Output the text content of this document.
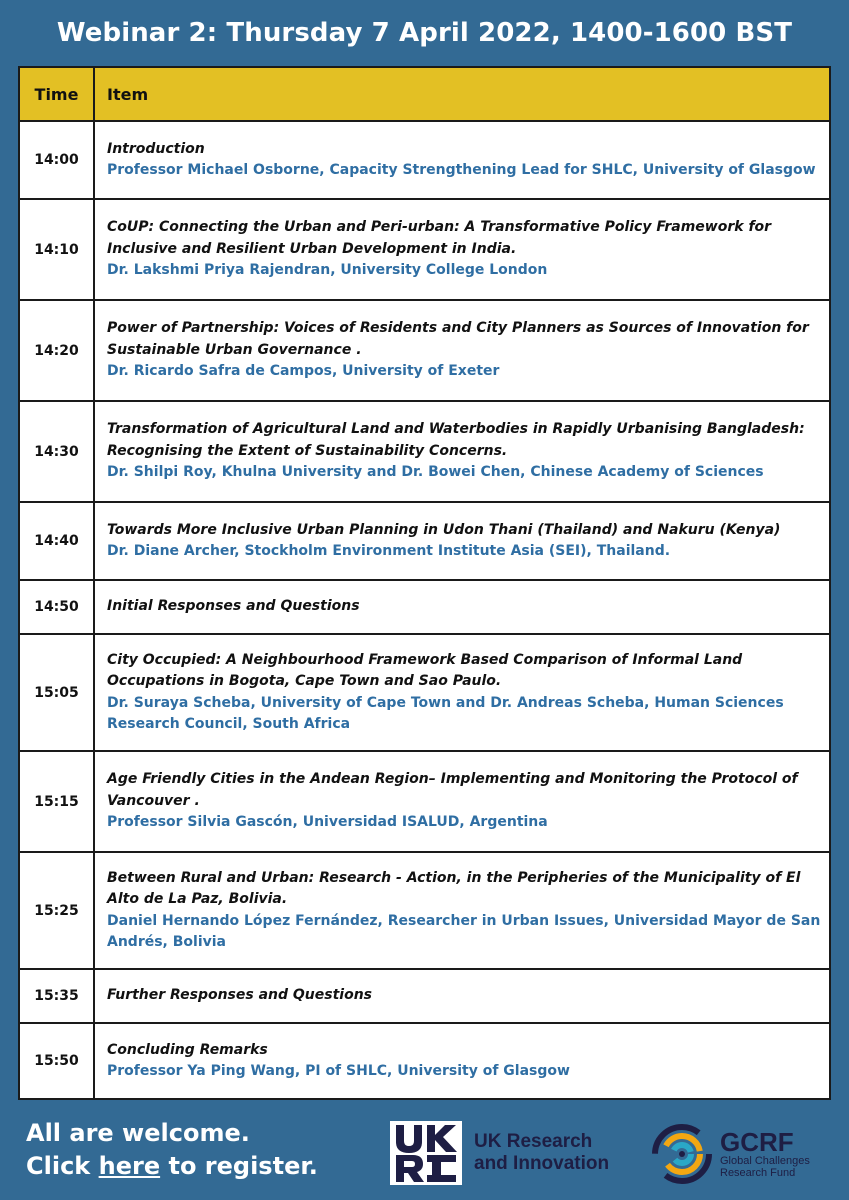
Webinar 2: Thursday 7 April 2022, 1400-1600 BST
Time	Item
14:00	Introduction
Professor Michael Osborne, Capacity Strengthening Lead for SHLC, University of Glasgow

14:10	CoUP: Connecting the Urban and Peri-urban: A Transformative Policy Framework for Inclusive and Resilient Urban Development in India.
Dr. Lakshmi Priya Rajendran, University College London

14:20	Power of Partnership: Voices of Residents and City Planners as Sources of Innovation for Sustainable Urban Governance .
Dr. Ricardo Safra de Campos, University of Exeter

14:30	Transformation of Agricultural Land and Waterbodies in Rapidly Urbanising Bangladesh: Recognising the Extent of Sustainability Concerns.
Dr. Shilpi Roy, Khulna University and Dr. Bowei Chen, Chinese Academy of Sciences

14:40	Towards More Inclusive Urban Planning in Udon Thani (Thailand) and Nakuru (Kenya)
Dr. Diane Archer, Stockholm Environment Institute Asia (SEI), Thailand.

14:50	Initial Responses and Questions

15:05	City Occupied: A Neighbourhood Framework Based Comparison of Informal Land Occupations in Bogota, Cape Town and Sao Paulo.
Dr. Suraya Scheba, University of Cape Town and Dr. Andreas Scheba, Human Sciences Research Council, South Africa

15:15	Age Friendly Cities in the Andean Region– Implementing and Monitoring the Protocol of Vancouver .
Professor Silvia Gascón, Universidad ISALUD, Argentina

15:25	Between Rural and Urban: Research - Action, in the Peripheries of the Municipality of El Alto de La Paz, Bolivia.
Daniel Hernando López Fernández, Researcher in Urban Issues, Universidad Mayor de San Andrés, Bolivia

15:35	Further Responses and Questions

15:50	Concluding Remarks
Professor Ya Ping Wang, PI of SHLC, University of Glasgow
All are welcome.
Click here to register.
UK Research
and Innovation
GCRF
Global Challenges
Research Fund
